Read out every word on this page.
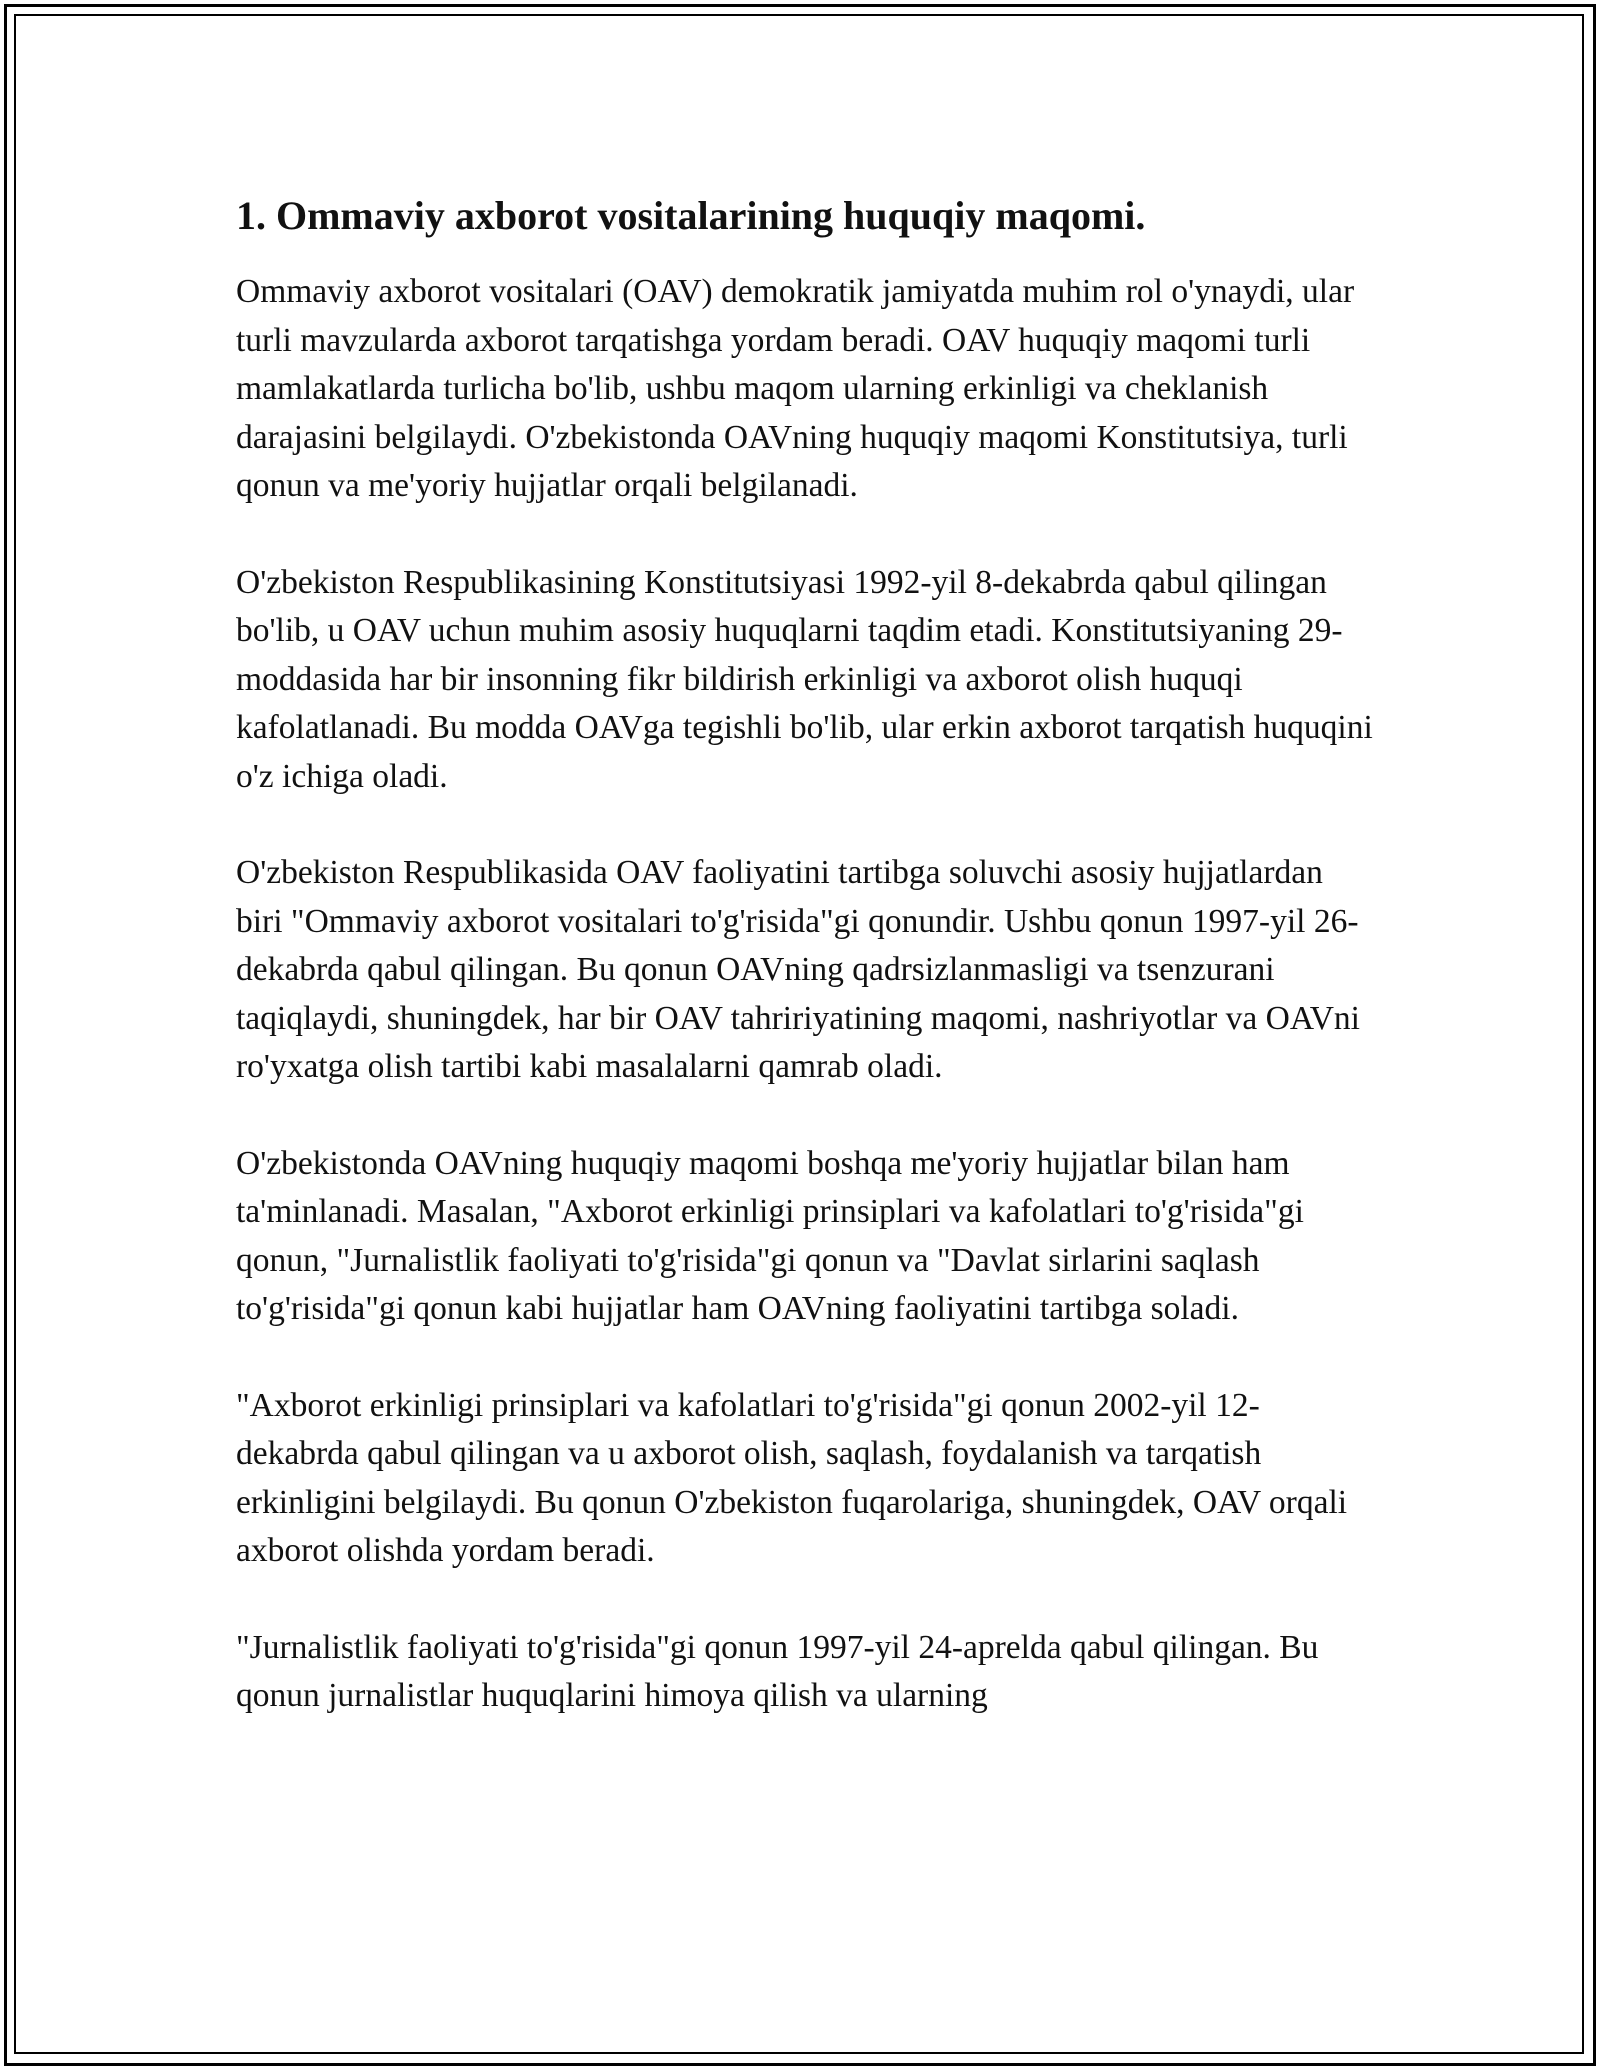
1. Ommaviy axborot vositalarining huquqiy maqomi.

Ommaviy axborot vositalari (OAV) demokratik jamiyatda muhim rol o'ynaydi, ular turli mavzularda axborot tarqatishga yordam beradi. OAV huquqiy maqomi turli mamlakatlarda turlicha bo'lib, ushbu maqom ularning erkinligi va cheklanish darajasini belgilaydi. O'zbekistonda OAVning huquqiy maqomi Konstitutsiya, turli qonun va me'yoriy hujjatlar orqali belgilanadi.

O'zbekiston Respublikasining Konstitutsiyasi 1992-yil 8-dekabrda qabul qilingan bo'lib, u OAV uchun muhim asosiy huquqlarni taqdim etadi. Konstitutsiyaning 29-moddasida har bir insonning fikr bildirish erkinligi va axborot olish huquqi kafolatlanadi. Bu modda OAVga tegishli bo'lib, ular erkin axborot tarqatish huquqini o'z ichiga oladi.

O'zbekiston Respublikasida OAV faoliyatini tartibga soluvchi asosiy hujjatlardan biri "Ommaviy axborot vositalari to'g'risida"gi qonundir. Ushbu qonun 1997-yil 26-dekabrda qabul qilingan. Bu qonun OAVning qadrsizlanmasligi va tsenzurani taqiqlaydi, shuningdek, har bir OAV tahririyatining maqomi, nashriyotlar va OAVni ro'yxatga olish tartibi kabi masalalarni qamrab oladi.

O'zbekistonda OAVning huquqiy maqomi boshqa me'yoriy hujjatlar bilan ham ta'minlanadi. Masalan, "Axborot erkinligi prinsiplari va kafolatlari to'g'risida"gi qonun, "Jurnalistlik faoliyati to'g'risida"gi qonun va "Davlat sirlarini saqlash to'g'risida"gi qonun kabi hujjatlar ham OAVning faoliyatini tartibga soladi.

"Axborot erkinligi prinsiplari va kafolatlari to'g'risida"gi qonun 2002-yil 12-dekabrda qabul qilingan va u axborot olish, saqlash, foydalanish va tarqatish erkinligini belgilaydi. Bu qonun O'zbekiston fuqarolariga, shuningdek, OAV orqali axborot olishda yordam beradi.

"Jurnalistlik faoliyati to'g'risida"gi qonun 1997-yil 24-aprelda qabul qilingan. Bu qonun jurnalistlar huquqlarini himoya qilish va ularning
